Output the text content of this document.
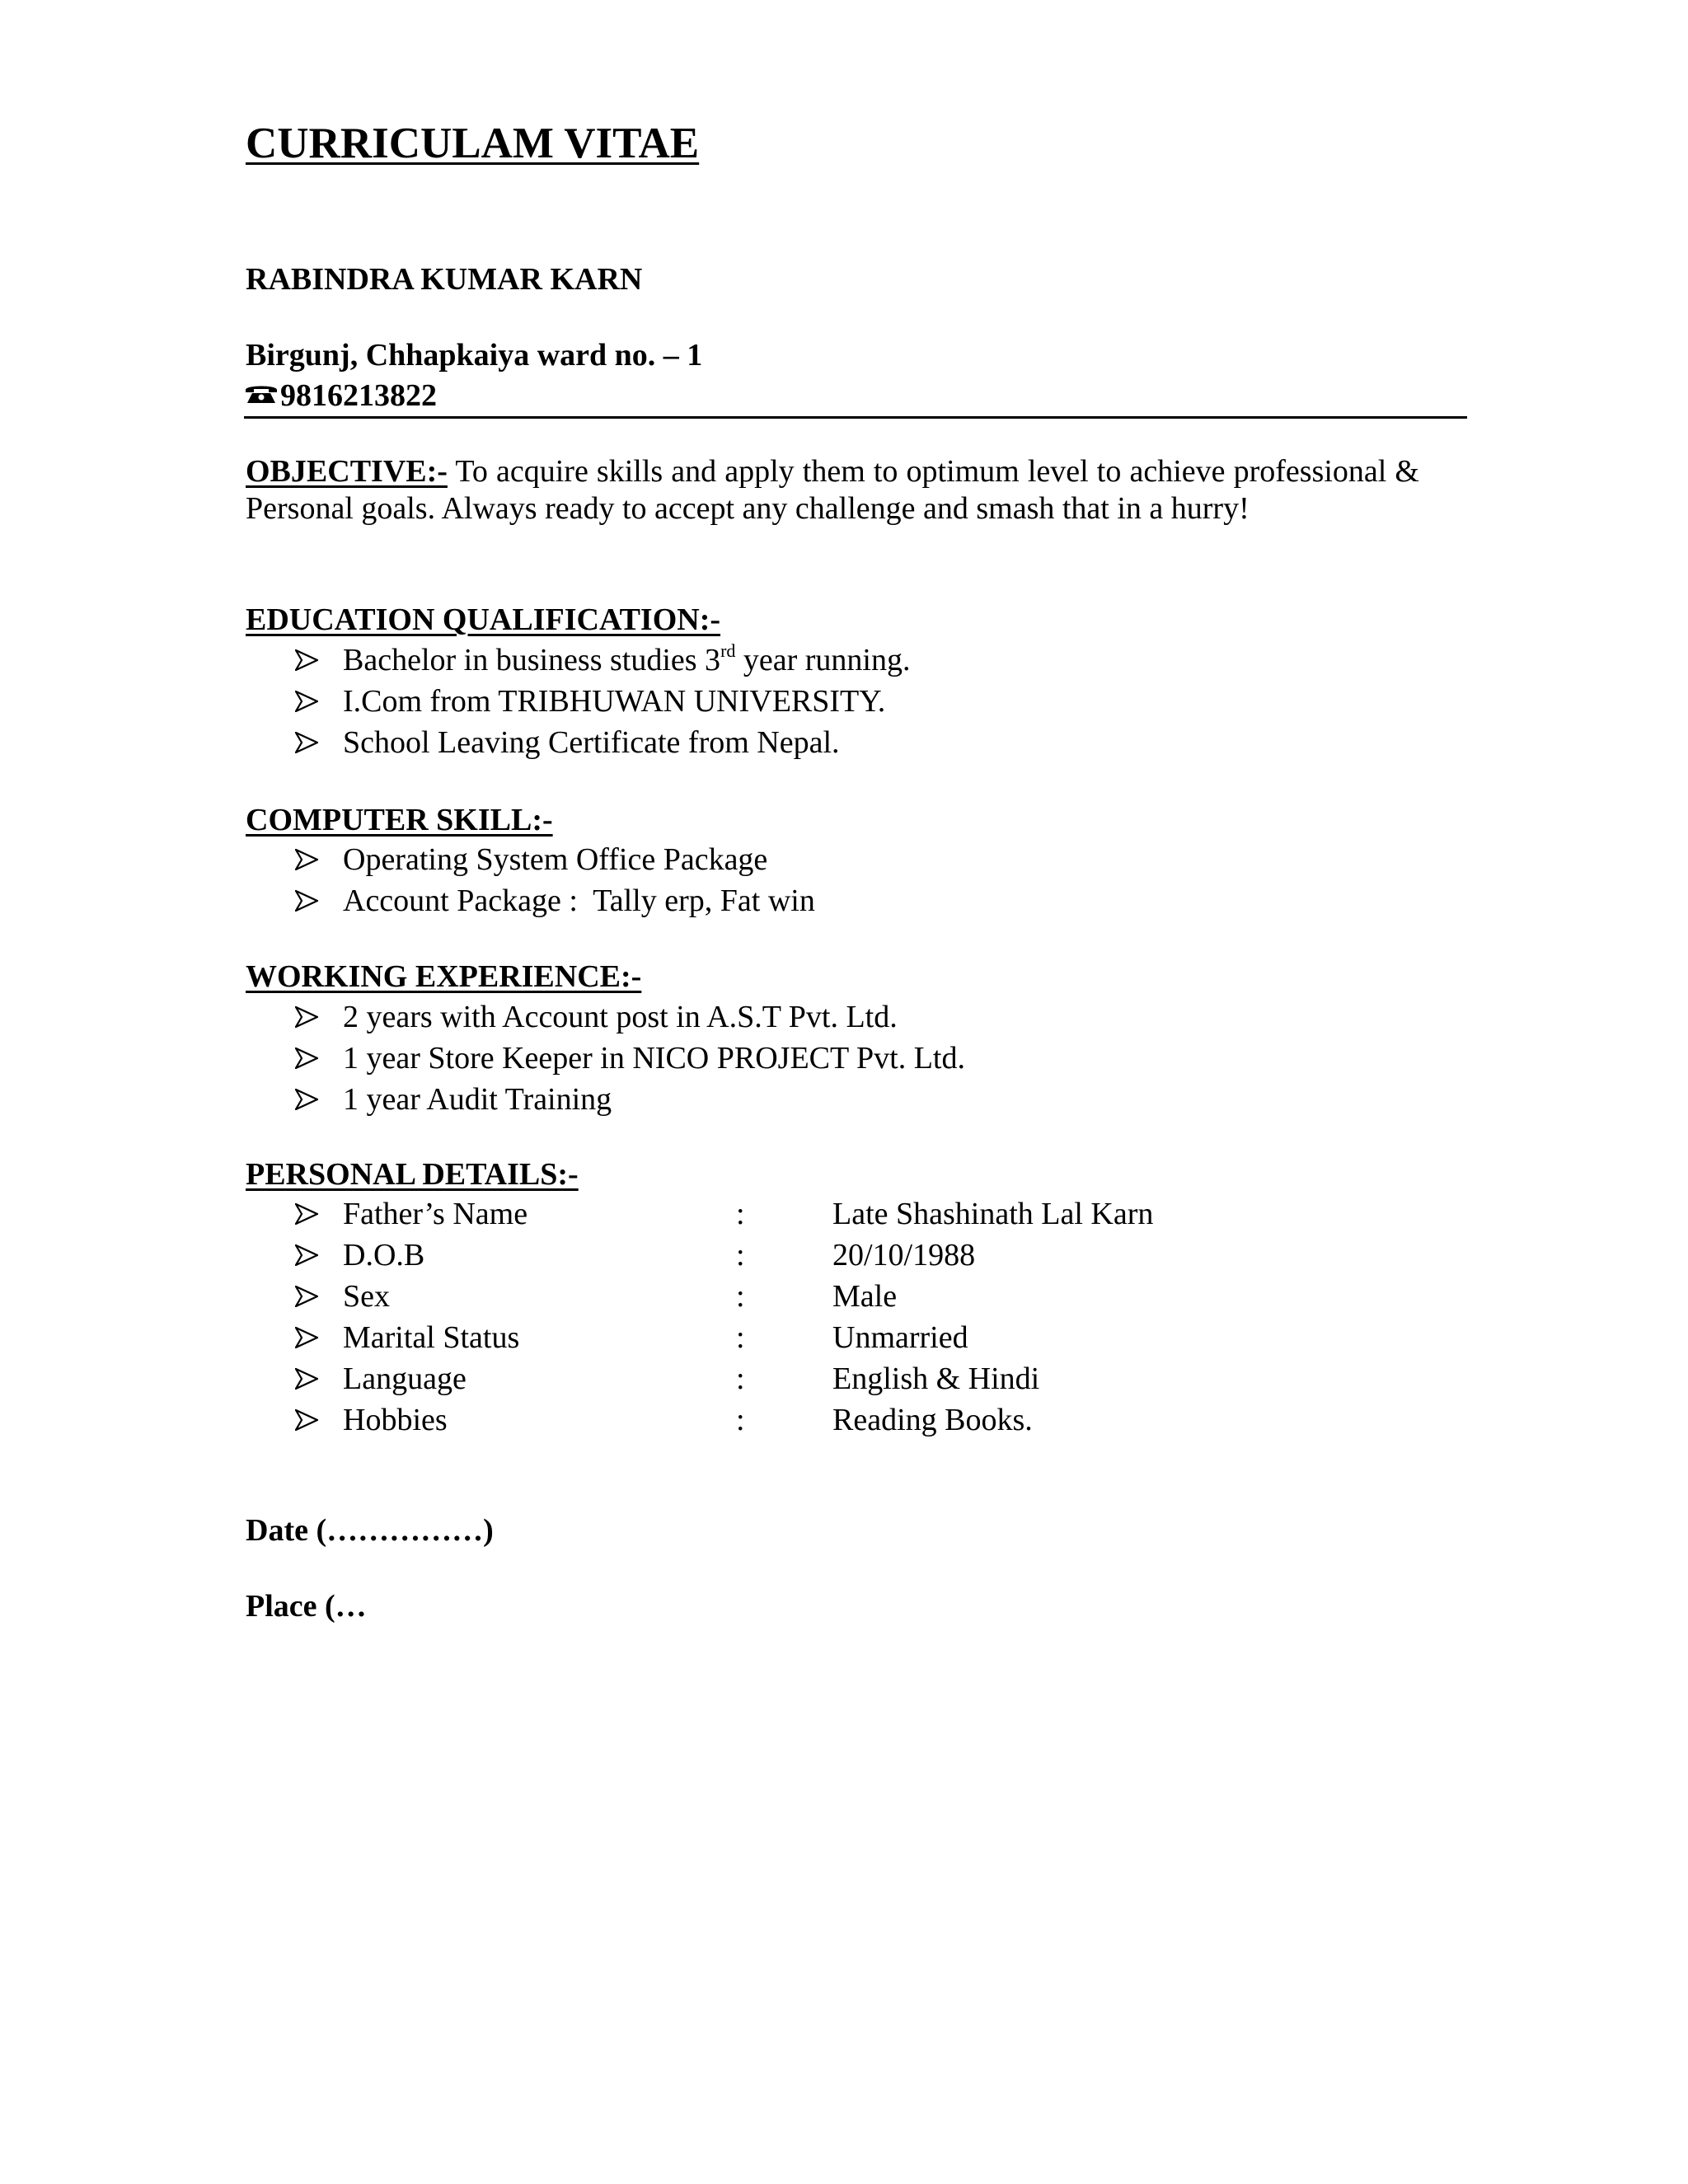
CURRICULAM VITAE
RABINDRA KUMAR KARN
Birgunj, Chhapkaiya ward no. – 1
9816213822
OBJECTIVE:- To acquire skills and apply them to optimum level to achieve professional & Personal goals. Always ready to accept any challenge and smash that in a hurry!
EDUCATION QUALIFICATION:-
Bachelor in business studies 3rd year running.
I.Com from TRIBHUWAN UNIVERSITY.
School Leaving Certificate from Nepal.
COMPUTER SKILL:-
Operating System Office Package
Account Package :  Tally erp, Fat win
WORKING EXPERIENCE:-
2 years with Account post in A.S.T Pvt. Ltd.
1 year Store Keeper in NICO PROJECT Pvt. Ltd.
1 year Audit Training
PERSONAL DETAILS:-
Father’s Name	:	Late Shashinath Lal Karn
D.O.B	:	20/10/1988
Sex	:	Male
Marital Status	:	Unmarried
Language	:	English & Hindi
Hobbies	:	Reading Books.
Date (……………)
Place (…
